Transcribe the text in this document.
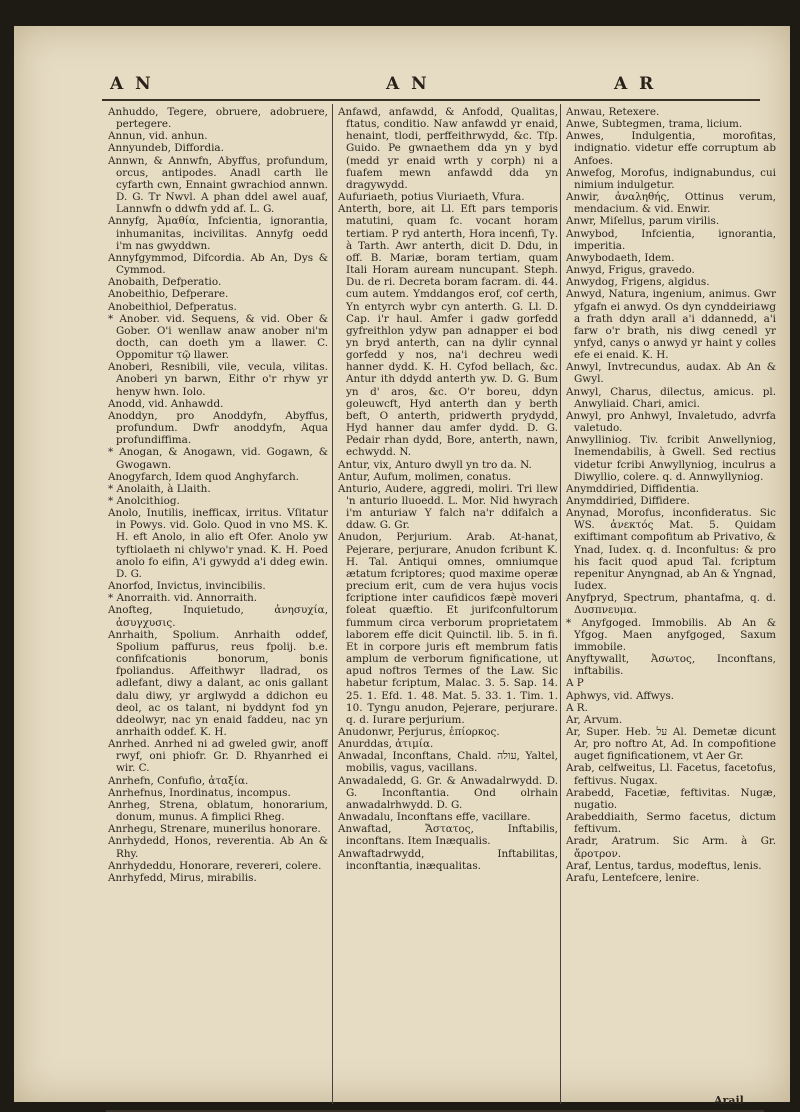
A N	A N	A R

Anhuddo, Tegere, obruere, adobruere, pertegere.

Annun, vid. anhun.

Annyundeb, Diffordia.

Annwn, & Annwfn, Abyffus, profundum, orcus, antipodes. Anadl carth lle cyfarth cwn, Ennaint gwrachiod annwn. D. G. Tr Nwvl. A phan ddel awel auaf, Lannwfn o ddwfn ydd af. L. G.

Annyfg, Ἀμαθία, Infcientia, ignorantia, inhumanitas, incivilitas. Annyfg oedd i'm nas gwyddwn.

Annyfgymmod, Difcordia. Ab An, Dys & Cymmod.

Anobaith, Defperatio.

Anobeithio, Defperare.

Anobeithiol, Defperatus.

* Anober. vid. Sequens, & vid. Ober & Gober. O'i wenllaw anaw anober ni'm docth, can doeth ym a llawer. C. Oppomitur τῷ llawer.

Anoberi, Resnibili, vile, vecula, vilitas. Anoberi yn barwn, Eithr o'r rhyw yr henyw hwn. Iolo.

Anodd, vid. Anhawdd.

Anoddyn, pro Anoddyfn, Abyffus, profundum. Dwfr anoddyfn, Aqua profundiffima.

* Anogan, & Anogawn, vid. Gogawn, & Gwogawn.

Anogyfarch, Idem quod Anghyfarch.

* Anolaith, à Llaith.

* Anolcithiog.

Anolo, Inutilis, inefficax, irritus. Vſitatur in Powys. vid. Golo. Quod in vno MS. K. H. eft Anolo, in alio eft Ofer. Anolo yw tyftiolaeth ni chlywo'r ynad. K. H. Poed anolo fo eifin, A'i gywydd a'i ddeg ewin. D. G.

Anorfod, Invictus, invincibilis.

* Anorraith. vid. Annorraith.

Anofteg, Inquietudo, ἀνησυχία, ἀσυγχυσις.

Anrhaith, Spolium. Anrhaith oddef, Spolium paffurus, reus fpolij. b.e. confifcationis bonorum, bonis fpoliandus. Affeithwyr lladrad, os adlefant, diwy a dalant, ac onis gallant dalu diwy, yr arglwydd a ddichon eu deol, ac os talant, ni byddynt fod yn ddeolwyr, nac yn enaid faddeu, nac yn anrhaith oddef. K. H.

Anrhed. Anrhed ni ad gweled gwir, anoff rwyf, oni phiofr. Gr. D. Rhyanrhed ei wir. C.

Anrhefn, Confufio, ἀταξία.

Anrhefnus, Inordinatus, incompus.

Anrheg, Strena, oblatum, honorarium, donum, munus. A fimplici Rheg.

Anrhegu, Strenare, munerilus honorare.

Anrhydedd, Honos, reverentia. Ab An & Rhy.

Anrhydeddu, Honorare, revereri, colere.

Anrhyfedd, Mirus, mirabilis.

Anfawd, anfawdd, & Anfodd, Qualitas, ftatus, conditio. Naw anfawdd yr enaid, henaint, tlodi, perffeithrwydd, &c. Tſp. Guido. Pe gwnaethem dda yn y byd (medd yr enaid wrth y corph) ni a fuafem mewn anfawdd dda yn dragywydd.

Aufuriaeth, potius Viuriaeth, Vfura.

Anterth, bore, ait Ll. Eft pars temporis matutini, quam fc. vocant horam tertiam. P ryd anterth, Hora incenfi, Τγ. à Tarth. Awr anterth, dicit D. Ddu, in off. B. Mariæ, boram tertiam, quam Itali Horam auream nuncupant. Steph. Du. de ri. Decreta boram facram. di. 44. cum autem. Ymddangos erof, cof certh, Yn entyrch wybr cyn anterth. G. Ll. D. Cap. i'r haul. Amfer i gadw gorfedd gyfreithlon ydyw pan adnapper ei bod yn bryd anterth, can na dylir cynnal gorfedd y nos, na'i dechreu wedi hanner dydd. K. H. Cyfod bellach, &c. Antur ith ddydd anterth yw. D. G. Bum yn d' aros, &c. O'r boreu, ddyn goleuwcft, Hyd anterth dan y berth beft, O anterth, pridwerth prydydd, Hyd hanner dau amfer dydd. D. G. Pedair rhan dydd, Bore, anterth, nawn, echwydd. N.

Antur, vix, Anturo dwyll yn tro da. N.

Antur, Aufum, molimen, conatus.

Anturio, Audere, aggredi, moliri. Tri llew 'n anturio lluoedd. L. Mor. Nid hwyrach i'm anturiaw Y falch na'r ddifalch a ddaw. G. Gr.

Anudon, Perjurium. Arab. At-hanat, Pejerare, perjurare, Anudon fcribunt K. H. Tal. Antiqui omnes, omniumque ætatum fcriptores; quod maxime operæ precium erit, cum de vera hujus vocis fcriptione inter caufidicos fæpè moveri foleat quæftio. Et jurifconfultorum fummum circa verborum proprietatem laborem effe dicit Quinctil. lib. 5. in fi. Et in corpore juris eft membrum fatis amplum de verborum fignificatione, ut apud noftros Termes of the Law. Sic habetur fcriptum, Malac. 3. 5. Sap. 14. 25. 1. Efd. 1. 48. Mat. 5. 33. 1. Tim. 1. 10. Tyngu anudon, Pejerare, perjurare. q. d. Iurare perjurium.

Anudonwr, Perjurus, ἐπίορκος.

Anurddas, ἀτιμία.

Anwadal, Inconftans, Chald. עולה, Yaltel, mobilis, vagus, vacillans.

Anwadaledd, G. Gr. & Anwadalrwydd. D. G. Inconftantia. Ond olrhain anwadalrhwydd. D. G.

Anwadalu, Inconftans effe, vacillare.

Anwaftad, Ἄστατος, Inftabilis, inconftans. Item Inæqualis.

Anwaftadrwydd, Inftabilitas, inconftantia, inæqualitas.

Anwau, Retexere.

Anwe, Subtegmen, trama, licium.

Anwes, Indulgentia, morofitas, indignatio. videtur effe corruptum ab Anfoes.

Anwefog, Morofus, indignabundus, cui nimium indulgetur.

Anwir, ἀναληθής, Ottinus verum, mendacium. & vid. Enwir.

Anwr, Miſellus, parum virilis.

Anwybod, Infcientia, ignorantia, imperitia.

Anwybodaeth, Idem.

Anwyd, Frigus, gravedo.

Anwydog, Frigens, algidus.

Anwyd, Natura, ingenium, animus. Gwr yfgafn ei anwyd. Os dyn cynddeiriawg a frath ddyn arall a'i ddannedd, a'i farw o'r brath, nis diwg cenedl yr ynfyd, canys o anwyd yr haint y colles efe ei enaid. K. H.

Anwyl, Invtrecundus, audax. Ab An & Gwyl.

Anwyl, Charus, dilectus, amicus. pl. Anwyliaid. Chari, amici.

Anwyl, pro Anhwyl, Invaletudo, advrfa valetudo.

Anwylliniog. Tiv. fcribit Anwellyniog, Inemendabilis, à Gwell. Sed rectius videtur fcribi Anwyllyniog, inculrus a Diwyllio, colere. q. d. Annwyllyniog.

Anymddiried, Diffidentia.

Anymddiried, Diffidere.

Anynad, Morofus, inconfideratus. Sic WS. ἀνεκτός Mat. 5. Quidam exiftimant compofitum ab Privativo, & Ynad, Iudex. q. d. Inconfultus: & pro his facit quod apud Tal. fcriptum repenitur Anyngnad, ab An & Yngnad, Iudex.

Anyfpryd, Spectrum, phantafma, q. d. Δυσπνευμα.

* Anyfgoged. Immobilis. Ab An & Yfgog. Maen anyfgoged, Saxum immobile.

Anyftywallt, Ἀσωτος, Inconftans, inftabilis.

A P

Aphwys, vid. Affwys.

A R.

Ar, Arvum.

Ar, Super. Heb. על Al. Demetæ dicunt Ar, pro noftro At, Ad. In compofitione auget fignificationem, vt Aer Gr.

Arab, celfweitus, Ll. Facetus, facetofus, feftivus. Nugax.

Arabedd, Facetiæ, feftivitas. Nugæ, nugatio.

Arabeddiaith, Sermo facetus, dictum feftivum.

Aradr, Aratrum. Sic Arm. à Gr. ἄροτρον.

Araf, Lentus, tardus, modeftus, lenis.

Arafu, Lentefcere, lenire.

Arail
